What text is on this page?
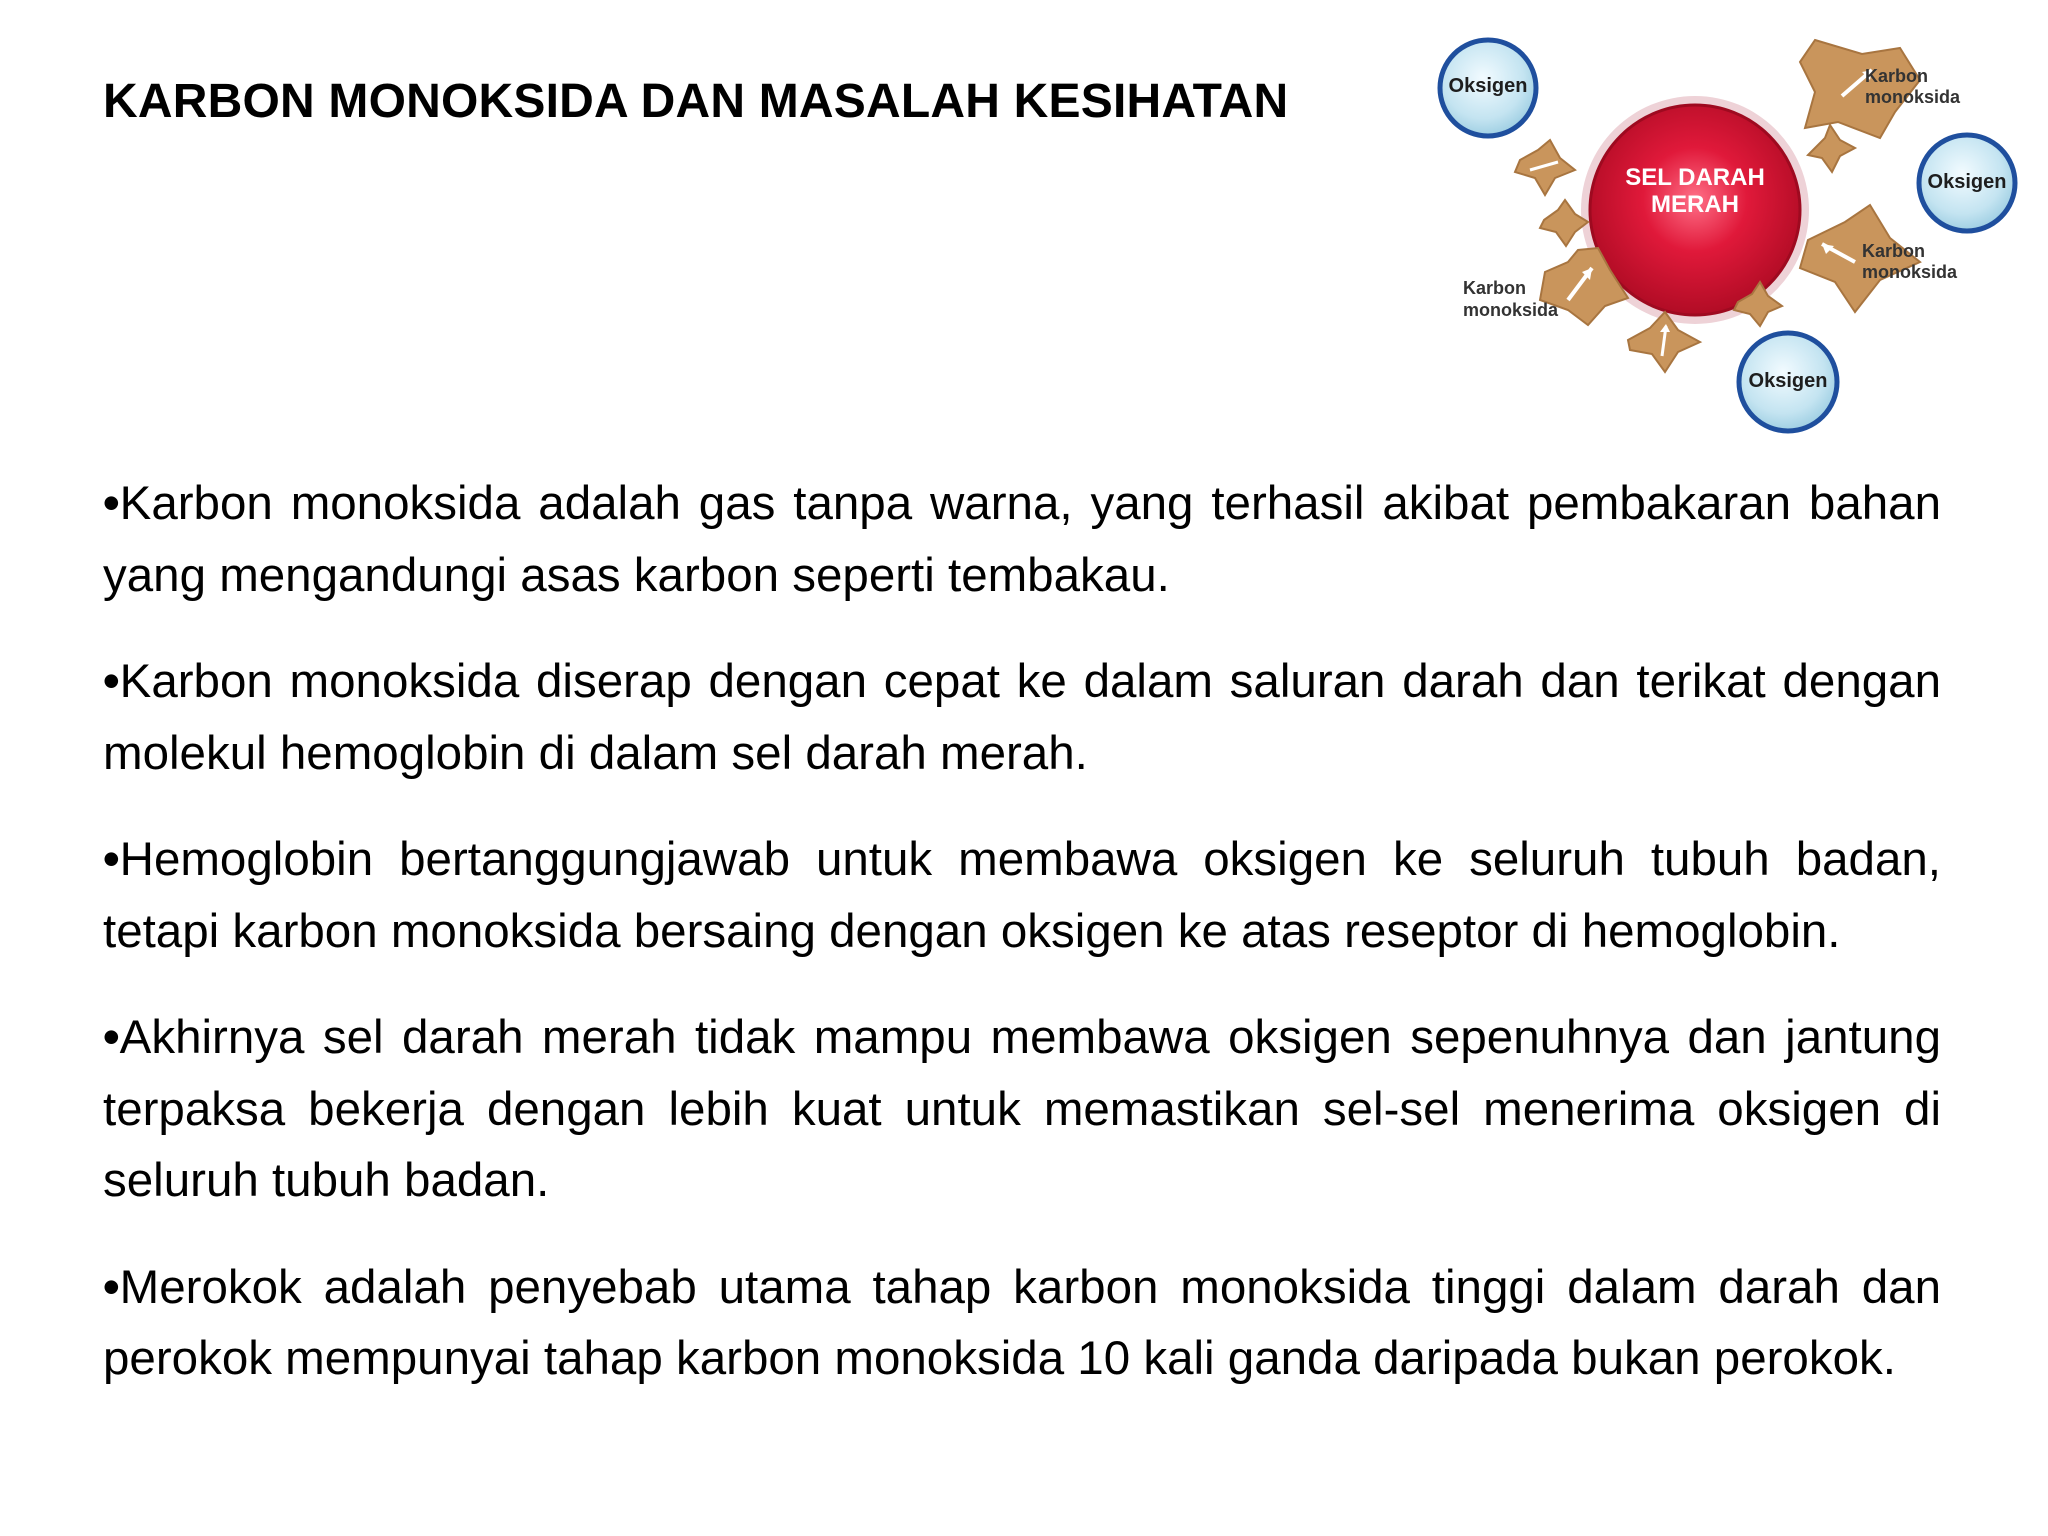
KARBON MONOKSIDA DAN MASALAH KESIHATAN
SEL DARAH
MERAH
Karbon
monoksida
Karbon
monoksida
Karbon
monoksida
Oksigen
Oksigen
Oksigen

•Karbon monoksida adalah gas tanpa warna, yang terhasil akibat pembakaran bahan yang mengandungi asas karbon seperti tembakau.

•Karbon monoksida diserap dengan cepat ke dalam saluran darah dan terikat dengan molekul hemoglobin di dalam sel darah merah.

•Hemoglobin bertanggungjawab untuk membawa oksigen ke seluruh tubuh badan, tetapi karbon monoksida bersaing dengan oksigen ke atas reseptor di hemoglobin.

•Akhirnya sel darah merah tidak mampu membawa oksigen sepenuhnya dan jantung terpaksa bekerja dengan lebih kuat untuk memastikan sel-sel menerima oksigen di seluruh tubuh badan.

•Merokok adalah penyebab utama tahap karbon monoksida tinggi dalam darah dan perokok mempunyai tahap karbon monoksida 10 kali ganda daripada bukan perokok.
